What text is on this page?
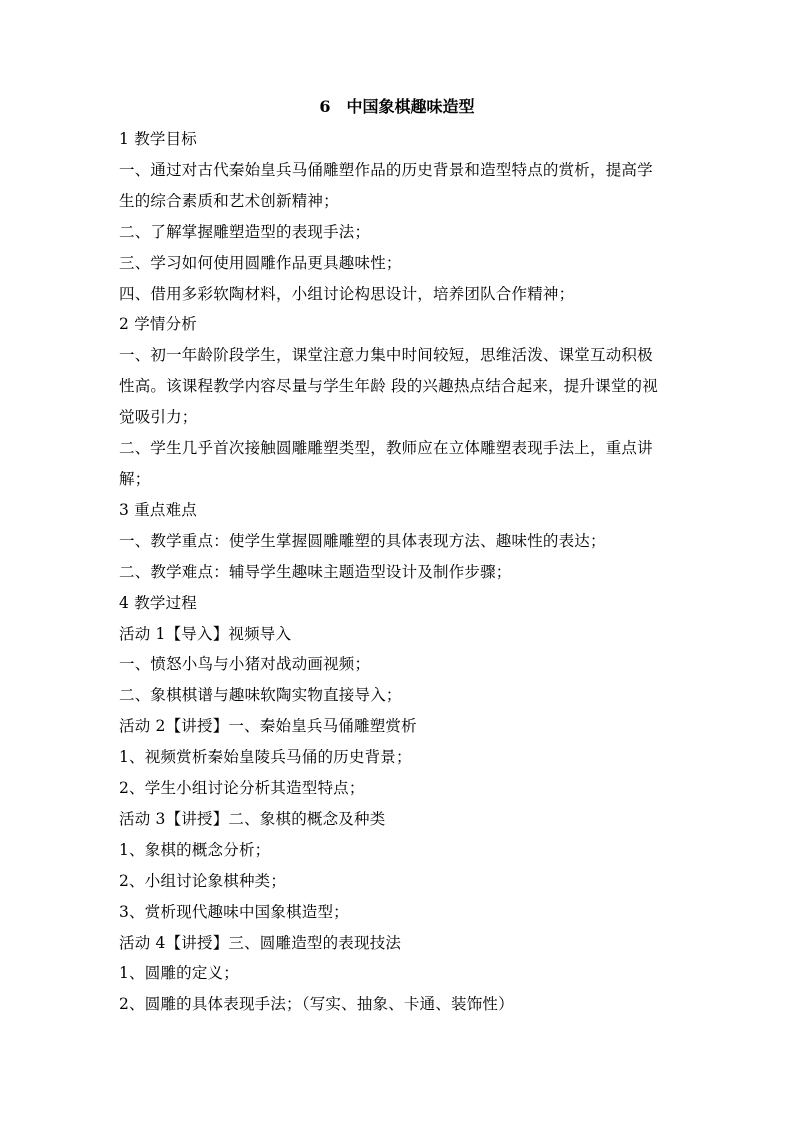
6　中国象棋趣味造型
1 教学目标
一、通过对古代秦始皇兵马俑雕塑作品的历史背景和造型特点的赏析，提高学
生的综合素质和艺术创新精神；
二、了解掌握雕塑造型的表现手法；
三、学习如何使用圆雕作品更具趣味性；
四、借用多彩软陶材料，小组讨论构思设计，培养团队合作精神；
2 学情分析
一、初一年龄阶段学生，课堂注意力集中时间较短，思维活泼、课堂互动积极
性高。该课程教学内容尽量与学生年龄 段的兴趣热点结合起来，提升课堂的视
觉吸引力；
二、学生几乎首次接触圆雕雕塑类型，教师应在立体雕塑表现手法上，重点讲
解；
3 重点难点
一、教学重点：使学生掌握圆雕雕塑的具体表现方法、趣味性的表达；
二、教学难点：辅导学生趣味主题造型设计及制作步骤；
4 教学过程
活动 1【导入】视频导入
一、愤怒小鸟与小猪对战动画视频；
二、象棋棋谱与趣味软陶实物直接导入；
活动 2【讲授】一、秦始皇兵马俑雕塑赏析
1、视频赏析秦始皇陵兵马俑的历史背景；
2、学生小组讨论分析其造型特点；
活动 3【讲授】二、象棋的概念及种类
1、象棋的概念分析；
2、小组讨论象棋种类；
3、赏析现代趣味中国象棋造型；
活动 4【讲授】三、圆雕造型的表现技法
1、圆雕的定义；
2、圆雕的具体表现手法；（写实、抽象、卡通、装饰性）
